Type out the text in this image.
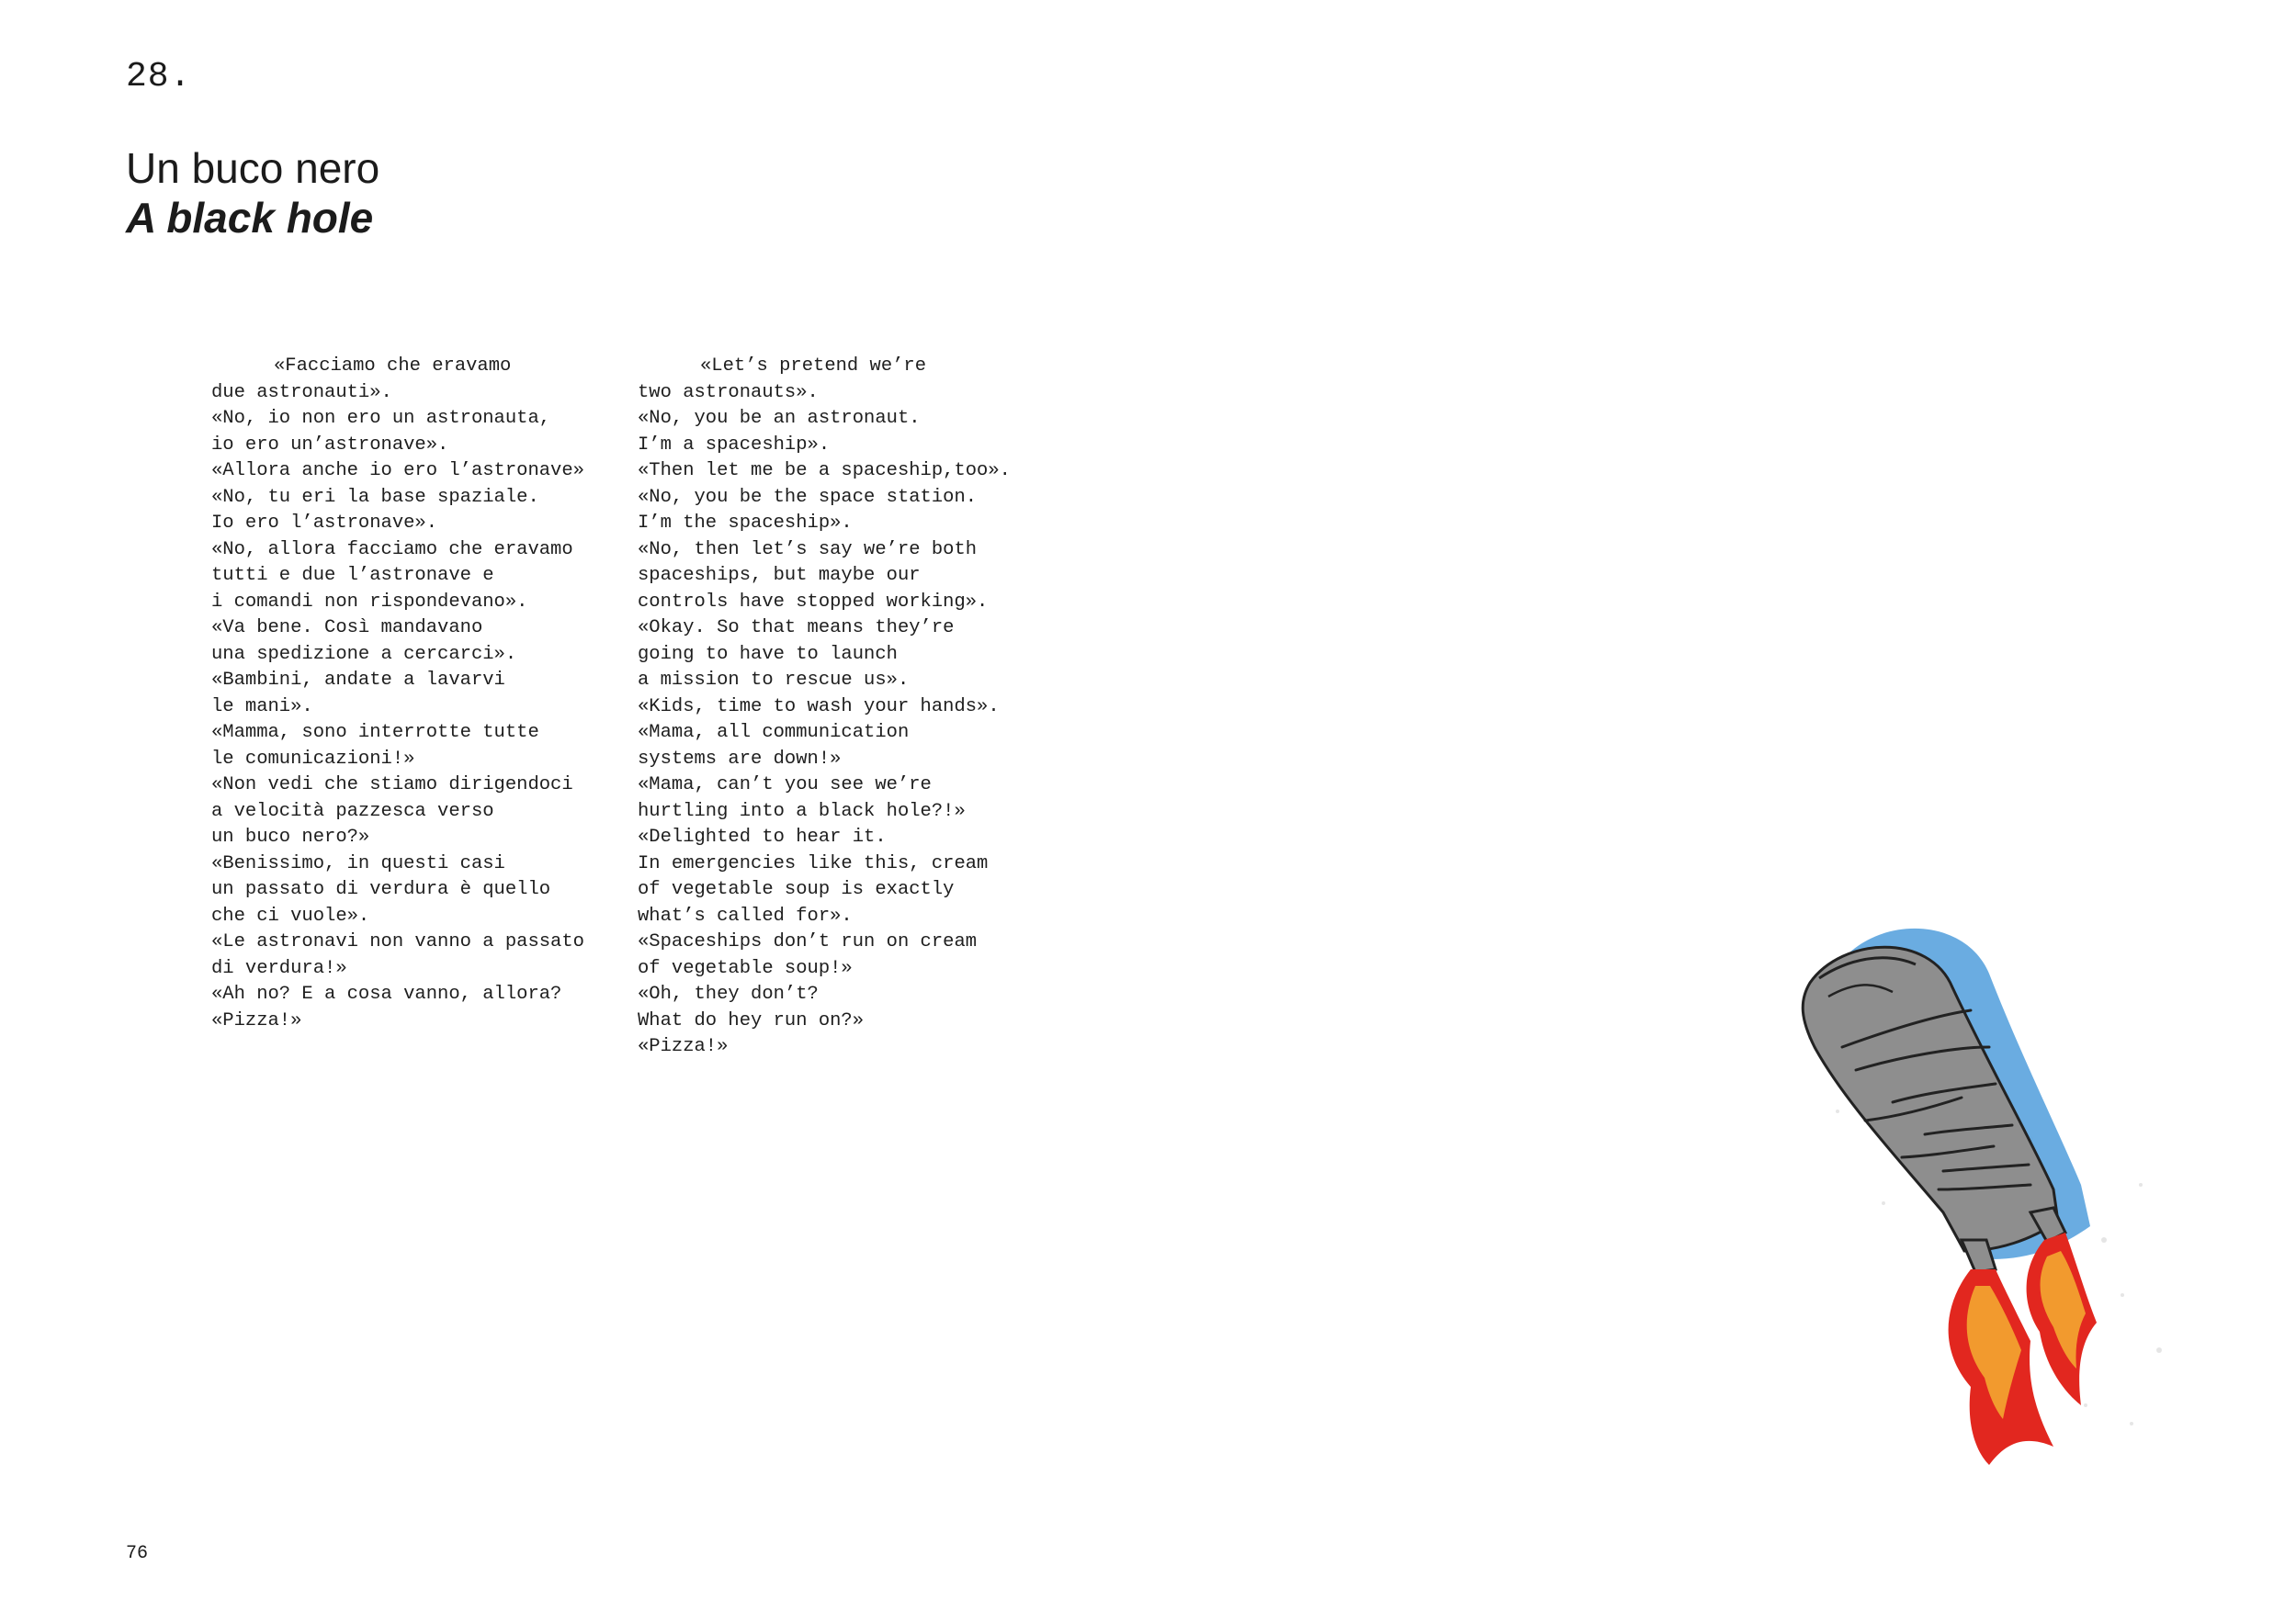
28.
Un buco nero
A black hole
«Facciamo che eravamo
due astronauti».
«No, io non ero un astronauta,
io ero un’astronave».
«Allora anche io ero l’astronave»
«No, tu eri la base spaziale.
Io ero l’astronave».
«No, allora facciamo che eravamo
tutti e due l’astronave e
i comandi non rispondevano».
«Va bene. Così mandavano
una spedizione a cercarci».
«Bambini, andate a lavarvi
le mani».
«Mamma, sono interrotte tutte
le comunicazioni!»
«Non vedi che stiamo dirigendoci
a velocità pazzesca verso
un buco nero?»
«Benissimo, in questi casi
un passato di verdura è quello
che ci vuole».
«Le astronavi non vanno a passato
di verdura!»
«Ah no? E a cosa vanno, allora?
«Pizza!»
«Let’s pretend we’re
two astronauts».
«No, you be an astronaut.
I’m a spaceship».
«Then let me be a spaceship,too».
«No, you be the space station.
I’m the spaceship».
«No, then let’s say we’re both
spaceships, but maybe our
controls have stopped working».
«Okay. So that means they’re
going to have to launch
a mission to rescue us».
«Kids, time to wash your hands».
«Mama, all communication
systems are down!»
«Mama, can’t you see we’re
hurtling into a black hole?!»
«Delighted to hear it.
In emergencies like this, cream
of vegetable soup is exactly
what’s called for».
«Spaceships don’t run on cream
of vegetable soup!»
«Oh, they don’t?
What do hey run on?»
«Pizza!»
76
